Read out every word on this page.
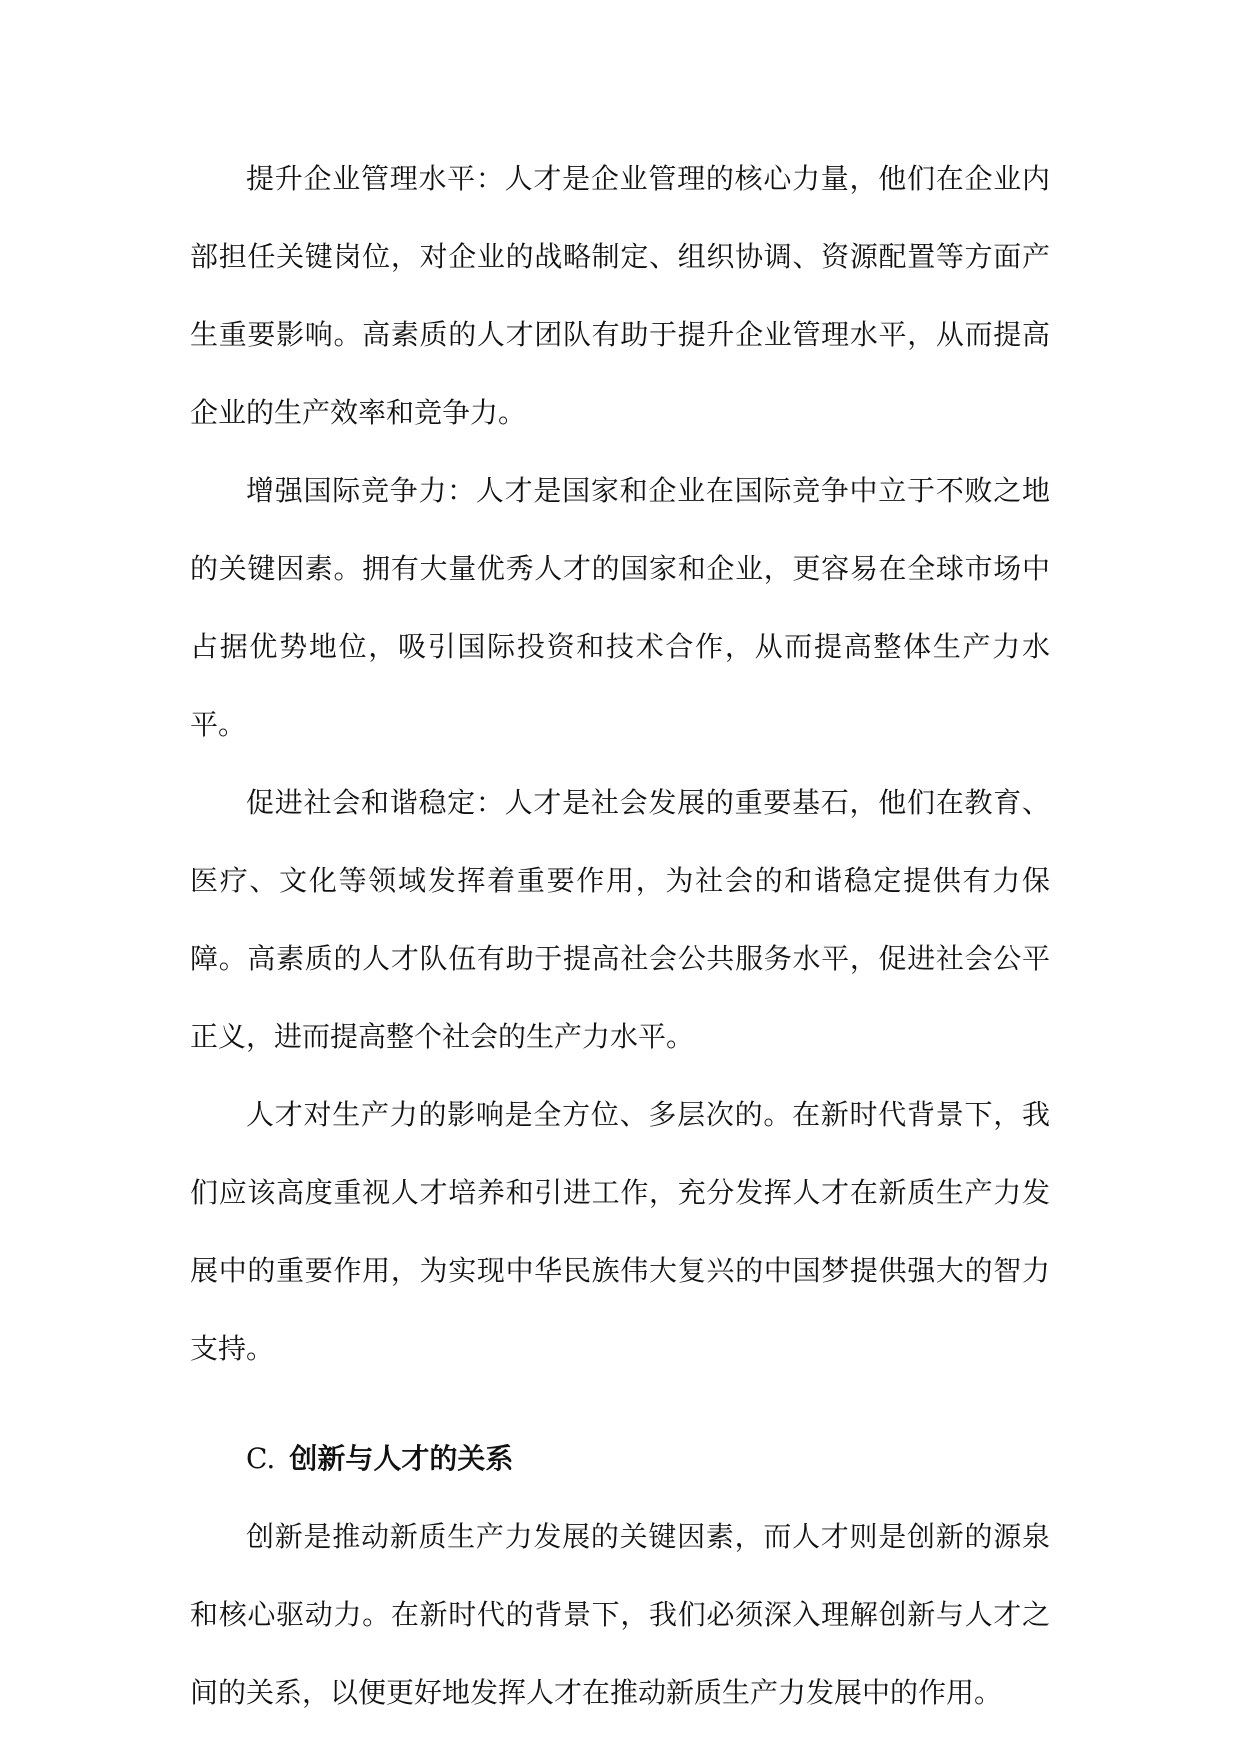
提升企业管理水平：人才是企业管理的核心力量，他们在企业内部担任关键岗位，对企业的战略制定、组织协调、资源配置等方面产生重要影响。高素质的人才团队有助于提升企业管理水平，从而提高企业的生产效率和竞争力。

增强国际竞争力：人才是国家和企业在国际竞争中立于不败之地的关键因素。拥有大量优秀人才的国家和企业，更容易在全球市场中占据优势地位，吸引国际投资和技术合作，从而提高整体生产力水平。

促进社会和谐稳定：人才是社会发展的重要基石，他们在教育、医疗、文化等领域发挥着重要作用，为社会的和谐稳定提供有力保障。高素质的人才队伍有助于提高社会公共服务水平，促进社会公平正义，进而提高整个社会的生产力水平。

人才对生产力的影响是全方位、多层次的。在新时代背景下，我们应该高度重视人才培养和引进工作，充分发挥人才在新质生产力发展中的重要作用，为实现中华民族伟大复兴的中国梦提供强大的智力支持。

C. 创新与人才的关系

创新是推动新质生产力发展的关键因素，而人才则是创新的源泉和核心驱动力。在新时代的背景下，我们必须深入理解创新与人才之间的关系，以便更好地发挥人才在推动新质生产力发展中的作用。
